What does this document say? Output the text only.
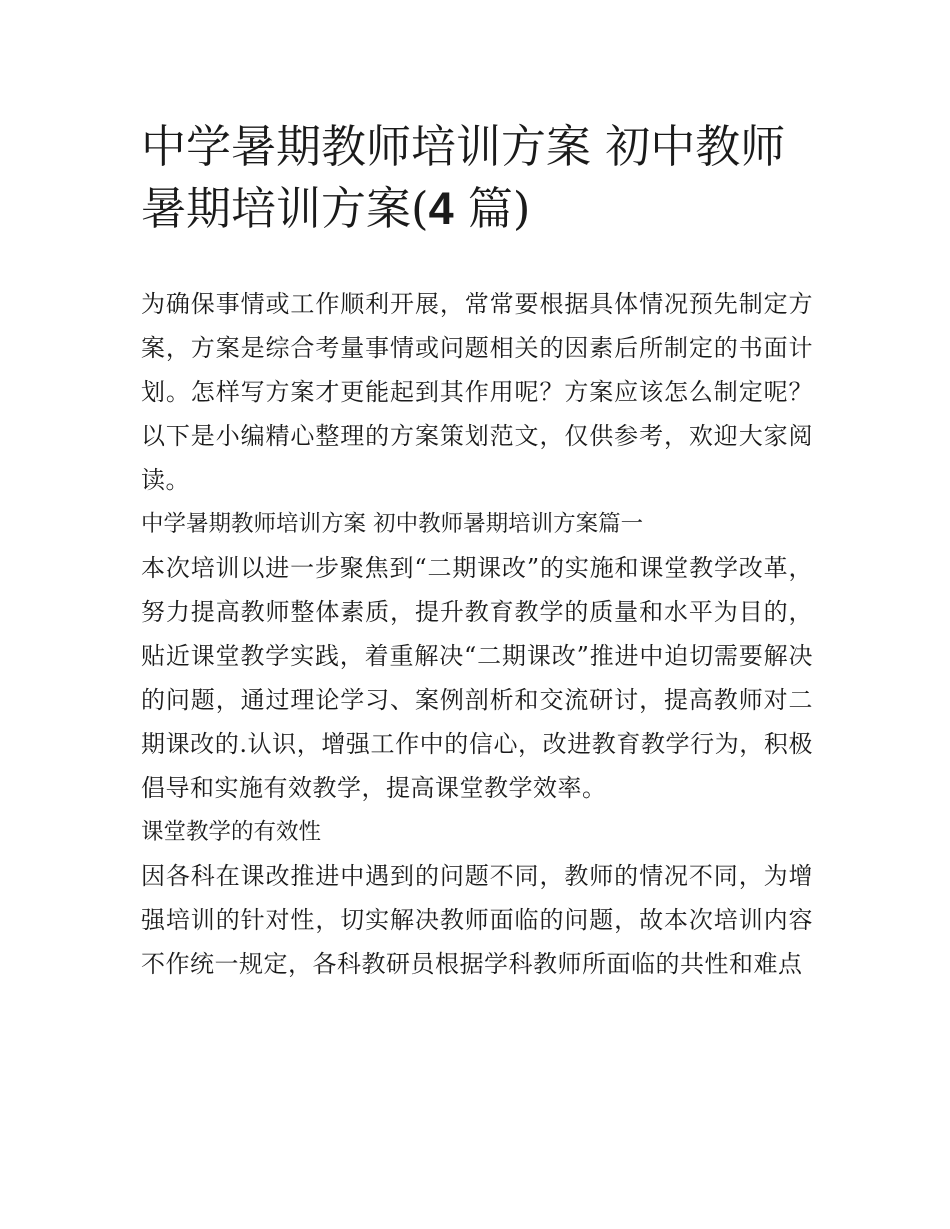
中学暑期教师培训方案 初中教师暑期培训方案(4 篇)

为确保事情或工作顺利开展，常常要根据具体情况预先制定方案，方案是综合考量事情或问题相关的因素后所制定的书面计划。怎样写方案才更能起到其作用呢？方案应该怎么制定呢？以下是小编精心整理的方案策划范文，仅供参考，欢迎大家阅读。

中学暑期教师培训方案 初中教师暑期培训方案篇一

本次培训以进一步聚焦到“二期课改”的实施和课堂教学改革，努力提高教师整体素质，提升教育教学的质量和水平为目的，贴近课堂教学实践，着重解决“二期课改”推进中迫切需要解决的问题，通过理论学习、案例剖析和交流研讨，提高教师对二期课改的.认识，增强工作中的信心，改进教育教学行为，积极倡导和实施有效教学，提高课堂教学效率。

课堂教学的有效性

因各科在课改推进中遇到的问题不同，教师的情况不同，为增强培训的针对性，切实解决教师面临的问题，故本次培训内容不作统一规定，各科教研员根据学科教师所面临的共性和难点
